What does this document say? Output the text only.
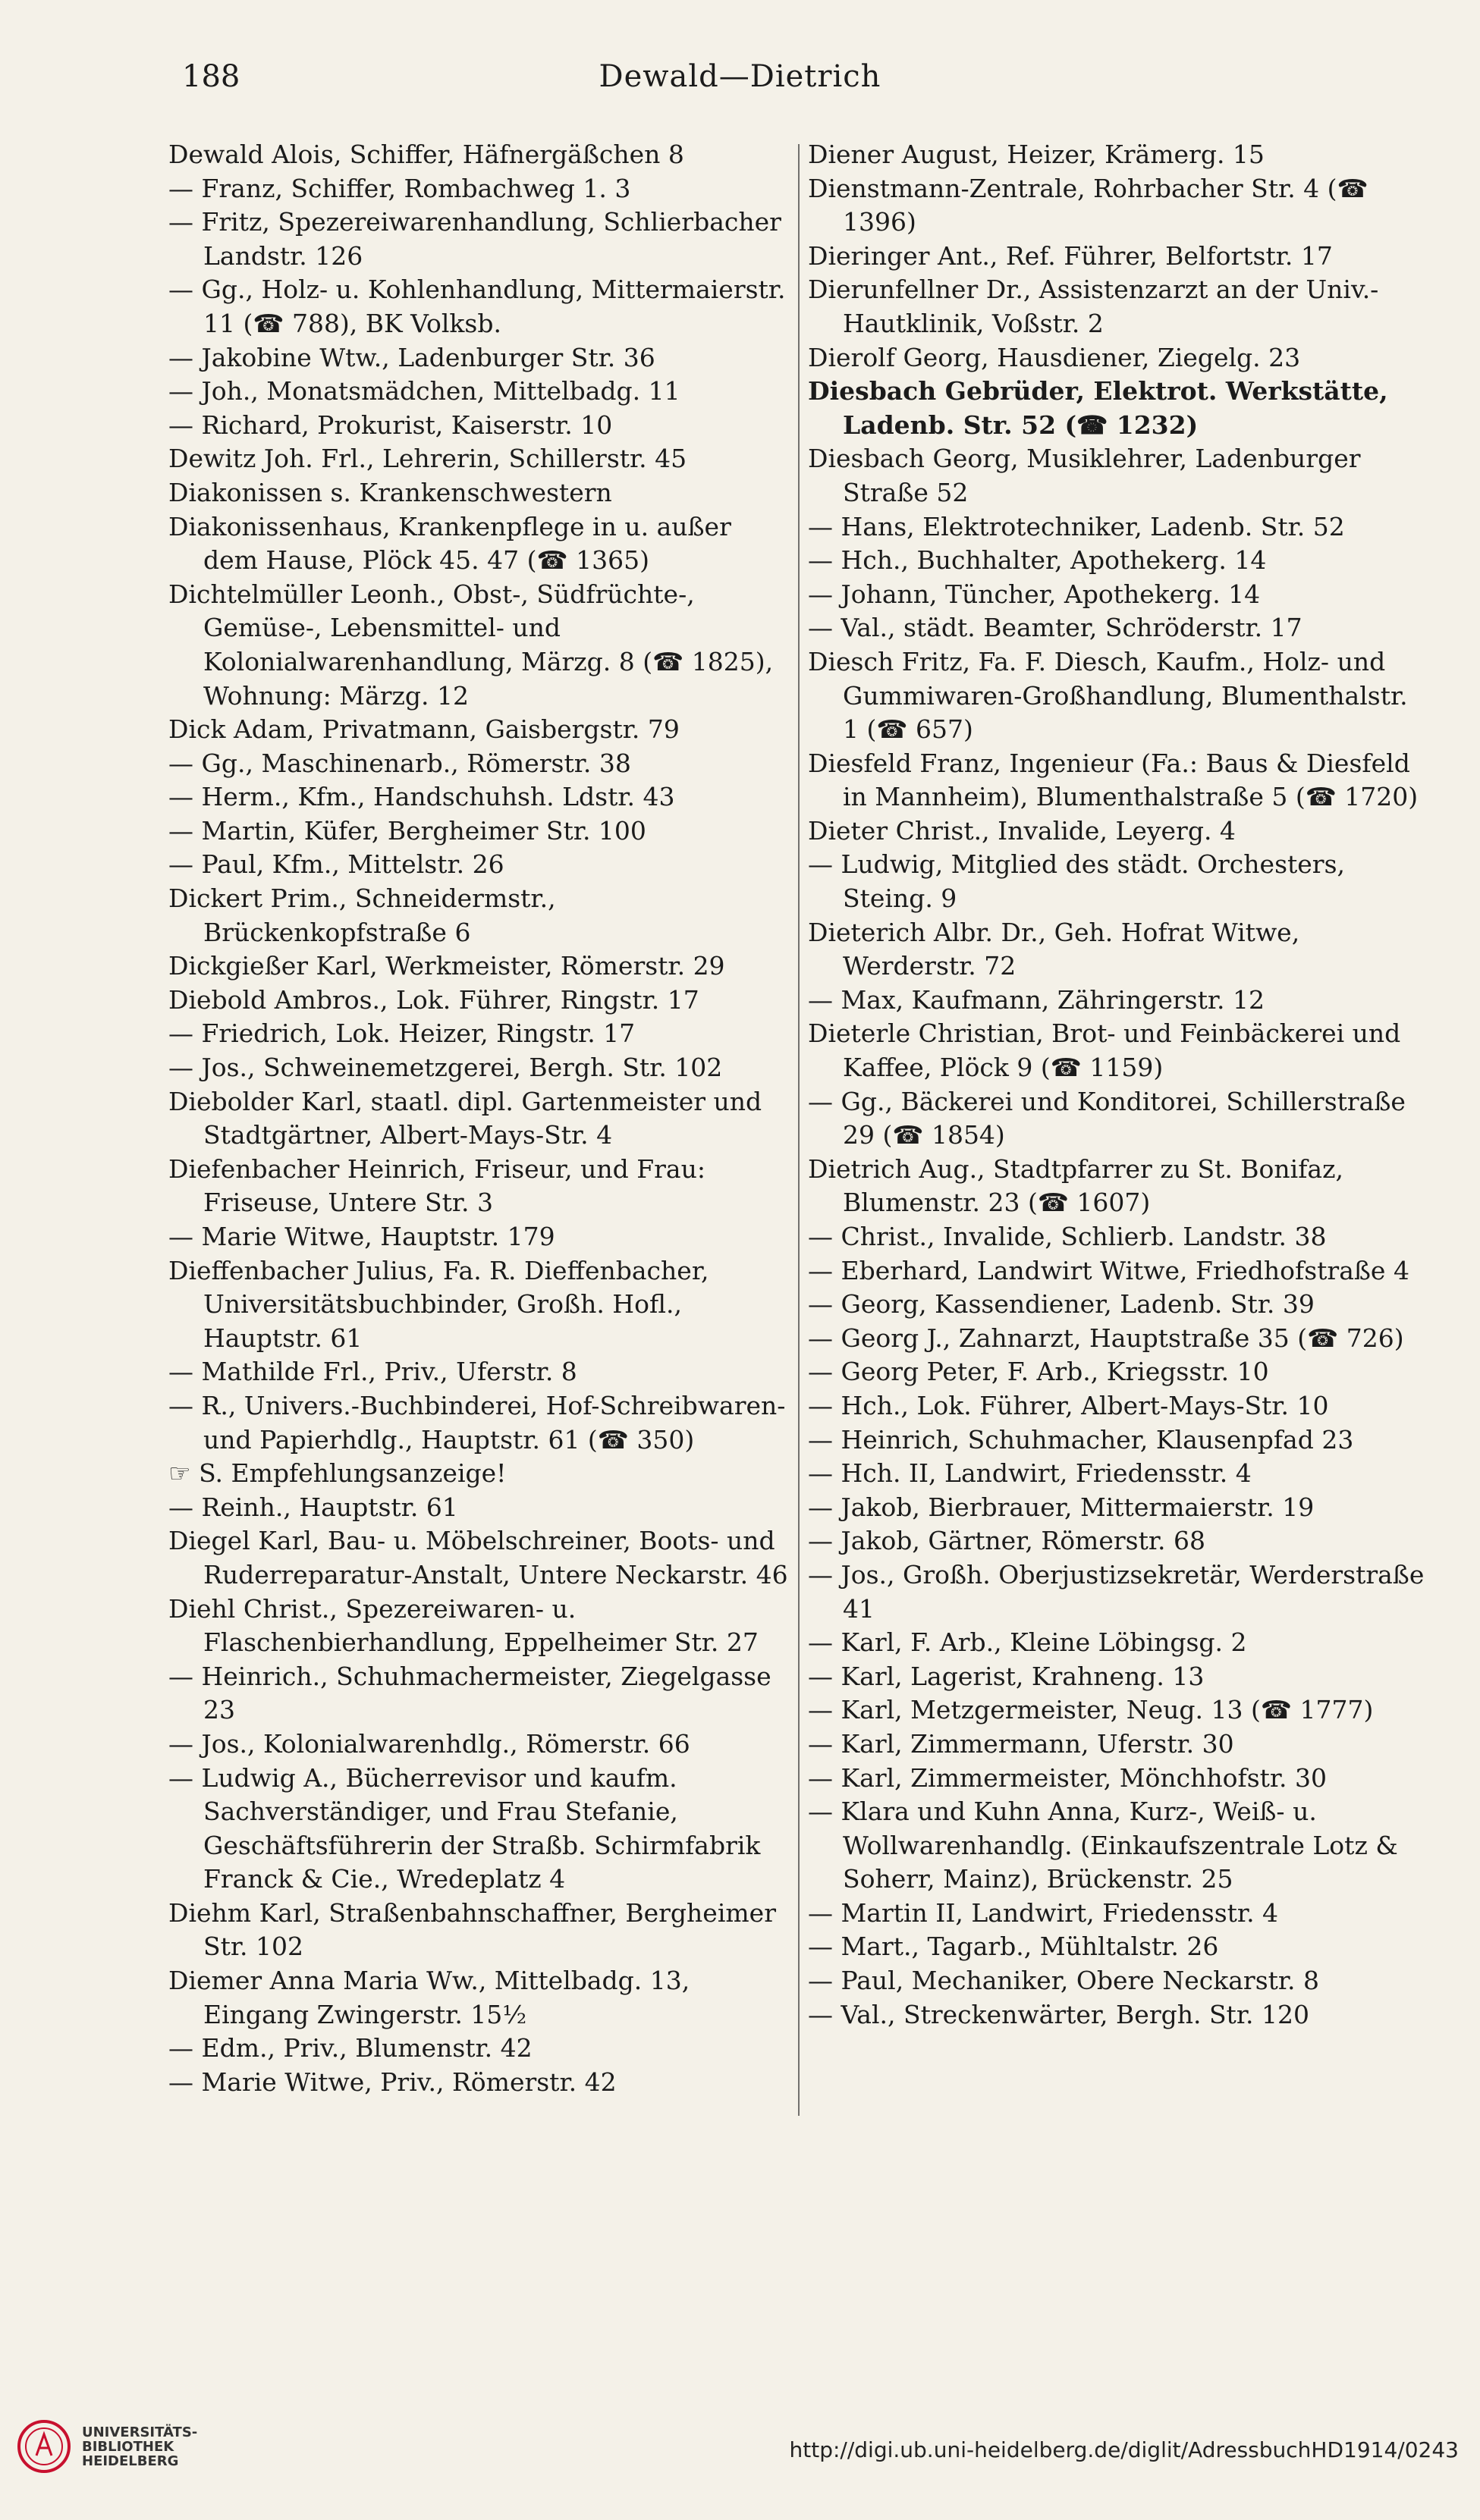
188	Dewald—Dietrich

Dewald Alois, Schiffer, Häfnergäßchen 8

— Franz, Schiffer, Rombachweg 1. 3

— Fritz, Spezereiwarenhandlung, Schlierbacher Landstr. 126

— Gg., Holz- u. Kohlenhandlung, Mittermaierstr. 11 (☎ 788), BK Volksb.

— Jakobine Wtw., Ladenburger Str. 36

— Joh., Monatsmädchen, Mittelbadg. 11

— Richard, Prokurist, Kaiserstr. 10

Dewitz Joh. Frl., Lehrerin, Schillerstr. 45

Diakonissen s. Krankenschwestern

Diakonissenhaus, Krankenpflege in u. außer dem Hause, Plöck 45. 47 (☎ 1365)

Dichtelmüller Leonh., Obst-, Südfrüchte-, Gemüse-, Lebensmittel- und Kolonialwarenhandlung, Märzg. 8 (☎ 1825), Wohnung: Märzg. 12

Dick Adam, Privatmann, Gaisbergstr. 79

— Gg., Maschinenarb., Römerstr. 38

— Herm., Kfm., Handschuhsh. Ldstr. 43

— Martin, Küfer, Bergheimer Str. 100

— Paul, Kfm., Mittelstr. 26

Dickert Prim., Schneidermstr., Brückenkopfstraße 6

Dickgießer Karl, Werkmeister, Römerstr. 29

Diebold Ambros., Lok. Führer, Ringstr. 17

— Friedrich, Lok. Heizer, Ringstr. 17

— Jos., Schweinemetzgerei, Bergh. Str. 102

Diebolder Karl, staatl. dipl. Gartenmeister und Stadtgärtner, Albert-Mays-Str. 4

Diefenbacher Heinrich, Friseur, und Frau: Friseuse, Untere Str. 3

— Marie Witwe, Hauptstr. 179

Dieffenbacher Julius, Fa. R. Dieffenbacher, Universitätsbuchbinder, Großh. Hofl., Hauptstr. 61

— Mathilde Frl., Priv., Uferstr. 8

— R., Univers.-Buchbinderei, Hof-Schreibwaren- und Papierhdlg., Hauptstr. 61 (☎ 350)

☞ S. Empfehlungsanzeige!

— Reinh., Hauptstr. 61

Diegel Karl, Bau- u. Möbelschreiner, Boots- und Ruderreparatur-Anstalt, Untere Neckarstr. 46

Diehl Christ., Spezereiwaren- u. Flaschenbierhandlung, Eppelheimer Str. 27

— Heinrich., Schuhmachermeister, Ziegelgasse 23

— Jos., Kolonialwarenhdlg., Römerstr. 66

— Ludwig A., Bücherrevisor und kaufm. Sachverständiger, und Frau Stefanie, Geschäftsführerin der Straßb. Schirmfabrik Franck & Cie., Wredeplatz 4

Diehm Karl, Straßenbahnschaffner, Bergheimer Str. 102

Diemer Anna Maria Ww., Mittelbadg. 13, Eingang Zwingerstr. 15½

— Edm., Priv., Blumenstr. 42

— Marie Witwe, Priv., Römerstr. 42

Diener August, Heizer, Krämerg. 15

Dienstmann-Zentrale, Rohrbacher Str. 4 (☎ 1396)

Dieringer Ant., Ref. Führer, Belfortstr. 17

Dierunfellner Dr., Assistenzarzt an der Univ.-Hautklinik, Voßstr. 2

Dierolf Georg, Hausdiener, Ziegelg. 23

Diesbach Gebrüder, Elektrot. Werkstätte, Ladenb. Str. 52 (☎ 1232)

Diesbach Georg, Musiklehrer, Ladenburger Straße 52

— Hans, Elektrotechniker, Ladenb. Str. 52

— Hch., Buchhalter, Apothekerg. 14

— Johann, Tüncher, Apothekerg. 14

— Val., städt. Beamter, Schröderstr. 17

Diesch Fritz, Fa. F. Diesch, Kaufm., Holz- und Gummiwaren-Großhandlung, Blumenthalstr. 1 (☎ 657)

Diesfeld Franz, Ingenieur (Fa.: Baus & Diesfeld in Mannheim), Blumenthalstraße 5 (☎ 1720)

Dieter Christ., Invalide, Leyerg. 4

— Ludwig, Mitglied des städt. Orchesters, Steing. 9

Dieterich Albr. Dr., Geh. Hofrat Witwe, Werderstr. 72

— Max, Kaufmann, Zähringerstr. 12

Dieterle Christian, Brot- und Feinbäckerei und Kaffee, Plöck 9 (☎ 1159)

— Gg., Bäckerei und Konditorei, Schillerstraße 29 (☎ 1854)

Dietrich Aug., Stadtpfarrer zu St. Bonifaz, Blumenstr. 23 (☎ 1607)

— Christ., Invalide, Schlierb. Landstr. 38

— Eberhard, Landwirt Witwe, Friedhofstraße 4

— Georg, Kassendiener, Ladenb. Str. 39

— Georg J., Zahnarzt, Hauptstraße 35 (☎ 726)

— Georg Peter, F. Arb., Kriegsstr. 10

— Hch., Lok. Führer, Albert-Mays-Str. 10

— Heinrich, Schuhmacher, Klausenpfad 23

— Hch. II, Landwirt, Friedensstr. 4

— Jakob, Bierbrauer, Mittermaierstr. 19

— Jakob, Gärtner, Römerstr. 68

— Jos., Großh. Oberjustizsekretär, Werderstraße 41

— Karl, F. Arb., Kleine Löbingsg. 2

— Karl, Lagerist, Krahneng. 13

— Karl, Metzgermeister, Neug. 13 (☎ 1777)

— Karl, Zimmermann, Uferstr. 30

— Karl, Zimmermeister, Mönchhofstr. 30

— Klara und Kuhn Anna, Kurz-, Weiß- u. Wollwarenhandlg. (Einkaufszentrale Lotz & Soherr, Mainz), Brückenstr. 25

— Martin II, Landwirt, Friedensstr. 4

— Mart., Tagarb., Mühltalstr. 26

— Paul, Mechaniker, Obere Neckarstr. 8

— Val., Streckenwärter, Bergh. Str. 120

UNIVERSITÄTS-
BIBLIOTHEK
HEIDELBERG	http://digi.ub.uni-heidelberg.de/diglit/AdressbuchHD1914/0243
